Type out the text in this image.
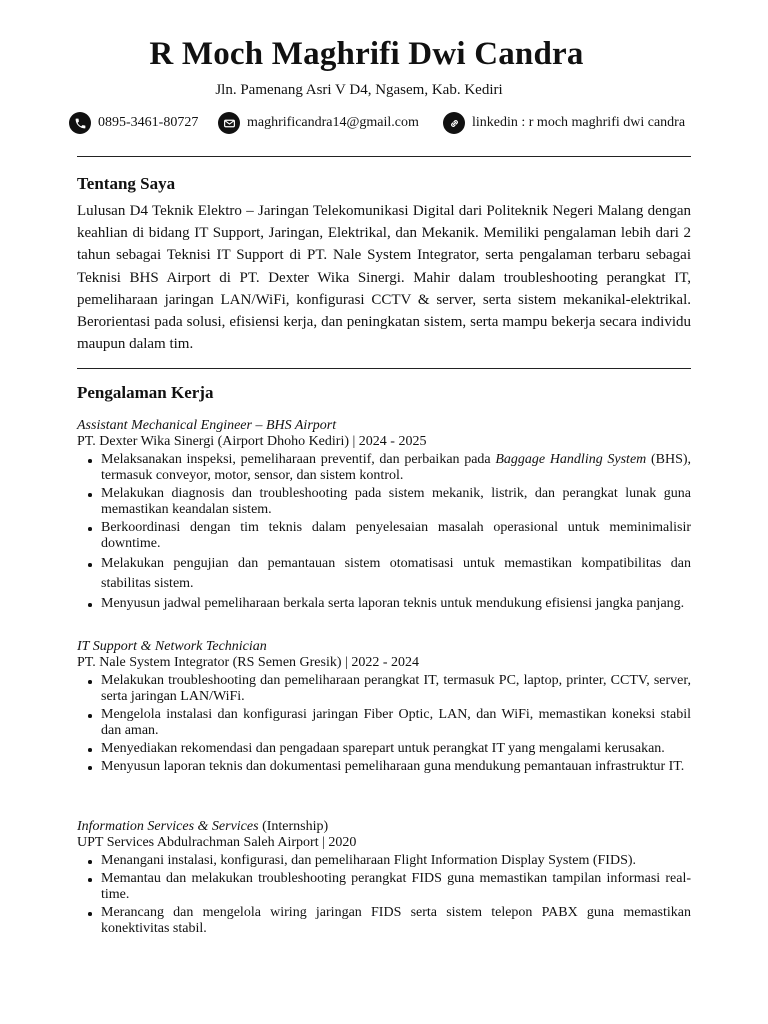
R Moch Maghrifi Dwi Candra
Jln. Pamenang Asri V D4, Ngasem, Kab. Kediri
0895-3461-80727	maghrificandra14@gmail.com	linkedin : r moch maghrifi dwi candra
Tentang Saya

Lulusan D4 Teknik Elektro – Jaringan Telekomunikasi Digital dari Politeknik Negeri Malang dengan keahlian di bidang IT Support, Jaringan, Elektrikal, dan Mekanik. Memiliki pengalaman lebih dari 2 tahun sebagai Teknisi IT Support di PT. Nale System Integrator, serta pengalaman terbaru sebagai Teknisi BHS Airport di PT. Dexter Wika Sinergi. Mahir dalam troubleshooting perangkat IT, pemeliharaan jaringan LAN/WiFi, konfigurasi CCTV & server, serta sistem mekanikal-elektrikal. Berorientasi pada solusi, efisiensi kerja, dan peningkatan sistem, serta mampu bekerja secara individu maupun dalam tim.

Pengalaman Kerja
Assistant Mechanical Engineer – BHS Airport
PT. Dexter Wika Sinergi (Airport Dhoho Kediri) | 2024 - 2025
Melaksanakan inspeksi, pemeliharaan preventif, dan perbaikan pada Baggage Handling System (BHS), termasuk conveyor, motor, sensor, dan sistem kontrol.
Melakukan diagnosis dan troubleshooting pada sistem mekanik, listrik, dan perangkat lunak guna memastikan keandalan sistem.
Berkoordinasi dengan tim teknis dalam penyelesaian masalah operasional untuk meminimalisir downtime.
Melakukan pengujian dan pemantauan sistem otomatisasi untuk memastikan kompatibilitas dan stabilitas sistem.
Menyusun jadwal pemeliharaan berkala serta laporan teknis untuk mendukung efisiensi jangka panjang.
IT Support & Network Technician
PT. Nale System Integrator (RS Semen Gresik) | 2022 - 2024
Melakukan troubleshooting dan pemeliharaan perangkat IT, termasuk PC, laptop, printer, CCTV, server, serta jaringan LAN/WiFi.
Mengelola instalasi dan konfigurasi jaringan Fiber Optic, LAN, dan WiFi, memastikan koneksi stabil dan aman.
Menyediakan rekomendasi dan pengadaan sparepart untuk perangkat IT yang mengalami kerusakan.
Menyusun laporan teknis dan dokumentasi pemeliharaan guna mendukung pemantauan infrastruktur IT.
Information Services & Services (Internship)
UPT Services Abdulrachman Saleh Airport | 2020
Menangani instalasi, konfigurasi, dan pemeliharaan Flight Information Display System (FIDS).
Memantau dan melakukan troubleshooting perangkat FIDS guna memastikan tampilan informasi real-time.
Merancang dan mengelola wiring jaringan FIDS serta sistem telepon PABX guna memastikan konektivitas stabil.
